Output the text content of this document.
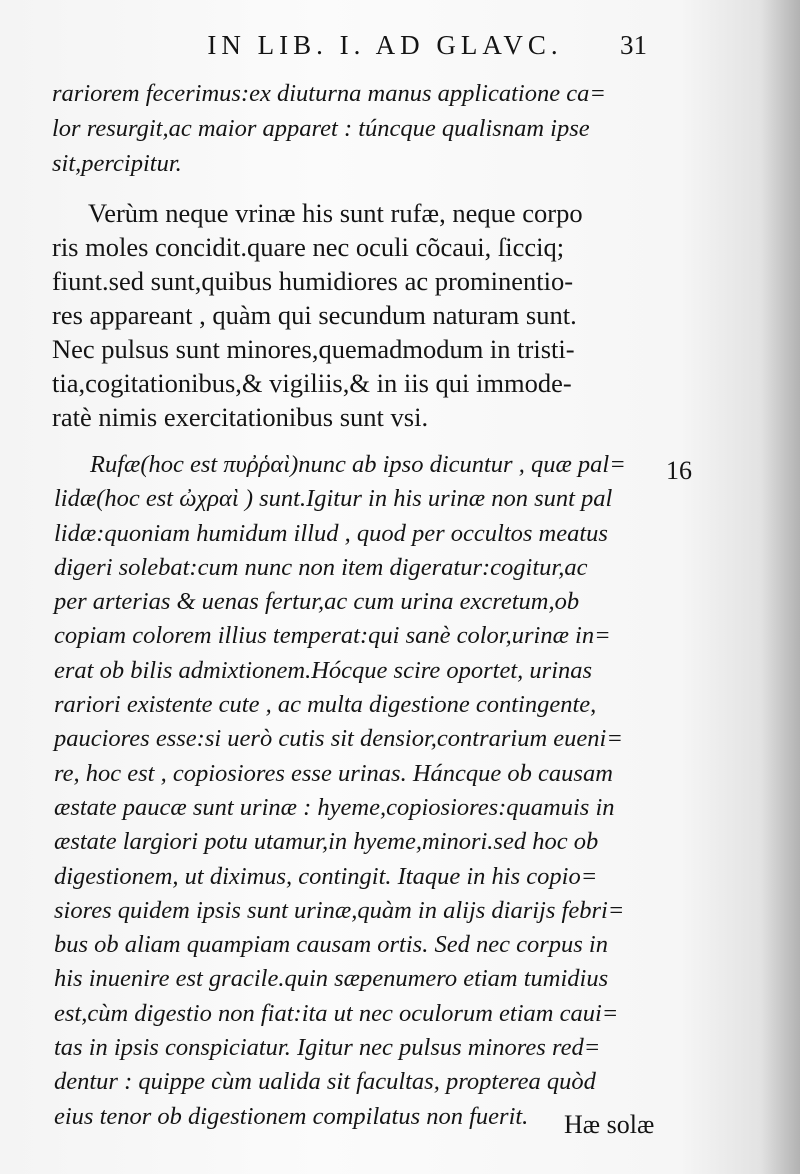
IN LIB. I. AD GLAVC.	31
rariorem fecerimus:ex diuturna manus applicatione ca=
lor resurgit,ac maior apparet : túncque qualisnam ipse
sit,percipitur.
Verùm neque vrinæ his sunt rufæ, neque corpo
ris moles concidit.quare nec oculi cõcaui, ſicciq;
fiunt.sed sunt,quibus humidiores ac prominentio-
res appareant , quàm qui secundum naturam sunt.
Nec pulsus sunt minores,quemadmodum in tristi-
tia,cogitationibus,& vigiliis,& in iis qui immode-
ratè nimis exercitationibus sunt vsi.
Rufæ(hoc est πυῤῥαὶ)nunc ab ipso dicuntur , quæ pal=
lidæ(hoc est ὠχραὶ ) sunt.Igitur in his urinæ non sunt pal
lidæ:quoniam humidum illud , quod per occultos meatus
digeri solebat:cum nunc non item digeratur:cogitur,ac
per arterias & uenas fertur,ac cum urina excretum,ob
copiam colorem illius temperat:qui sanè color,urinæ in=
erat ob bilis admixtionem.Hócque scire oportet, urinas
rariori existente cute , ac multa digestione contingente,
pauciores esse:si uerò cutis sit densior,contrarium eueni=
re, hoc est , copiosiores esse urinas. Háncque ob causam
æstate paucæ sunt urinæ : hyeme,copiosiores:quamuis in
æstate largiori potu utamur,in hyeme,minori.sed hoc ob
digestionem, ut diximus, contingit. Itaque in his copio=
siores quidem ipsis sunt urinæ,quàm in alijs diarijs febri=
bus ob aliam quampiam causam ortis. Sed nec corpus in
his inuenire est gracile.quin sæpenumero etiam tumidius
est,cùm digestio non fiat:ita ut nec oculorum etiam caui=
tas in ipsis conspiciatur. Igitur nec pulsus minores red=
dentur : quippe cùm ualida sit facultas, propterea quòd
eius tenor ob digestionem compilatus non fuerit.
16
Hæ solæ
